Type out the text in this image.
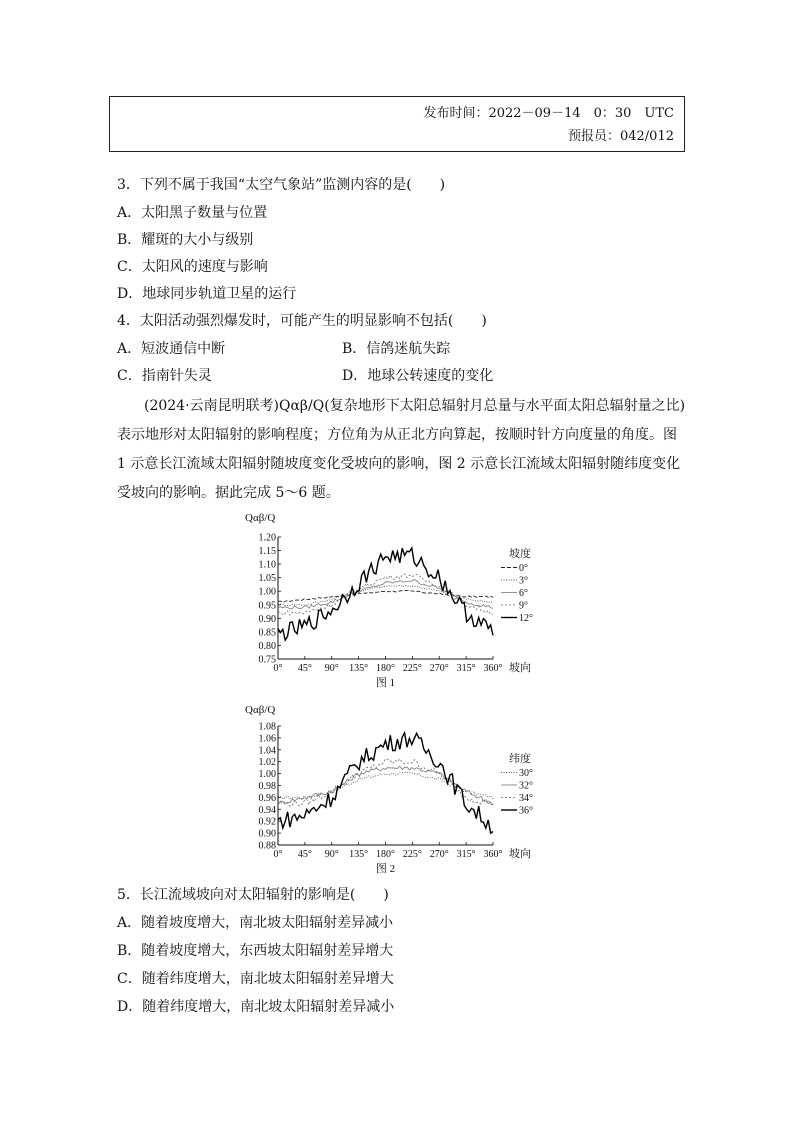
发布时间：2022－09－14　0：30　UTC
预报员：042/012
3．下列不属于我国“太空气象站”监测内容的是(　　)
A．太阳黑子数量与位置
B．耀斑的大小与级别
C．太阳风的速度与影响
D．地球同步轨道卫星的运行
4．太阳活动强烈爆发时，可能产生的明显影响不包括(　　)
A．短波通信中断	B．信鸽迷航失踪
C．指南针失灵	D．地球公转速度的变化
(2024·云南昆明联考)Qαβ/Q(复杂地形下太阳总辐射月总量与水平面太阳总辐射量之比)
表示地形对太阳辐射的影响程度；方位角为从正北方向算起，按顺时针方向度量的角度。图
1 示意长江流域太阳辐射随坡度变化受坡向的影响，图 2 示意长江流域太阳辐射随纬度变化
受坡向的影响。据此完成 5～6 题。
Qαβ/Q
1.20
1.15
1.10
1.05
1.00
0.95
0.90
0.85
0.80
0.75
0° 45° 90° 135° 180° 225° 270° 315° 360° 坡向
图 1
坡度
0°
3°
6°
9°
12°
Qαβ/Q
1.08
1.06
1.04
1.02
1.00
0.98
0.96
0.94
0.92
0.90
0.88
0° 45° 90° 135° 180° 225° 270° 315° 360° 坡向
图 2
纬度
30°
32°
34°
36°
5．长江流域坡向对太阳辐射的影响是(　　)
A．随着坡度增大，南北坡太阳辐射差异减小
B．随着坡度增大，东西坡太阳辐射差异增大
C．随着纬度增大，南北坡太阳辐射差异增大
D．随着纬度增大，南北坡太阳辐射差异减小
